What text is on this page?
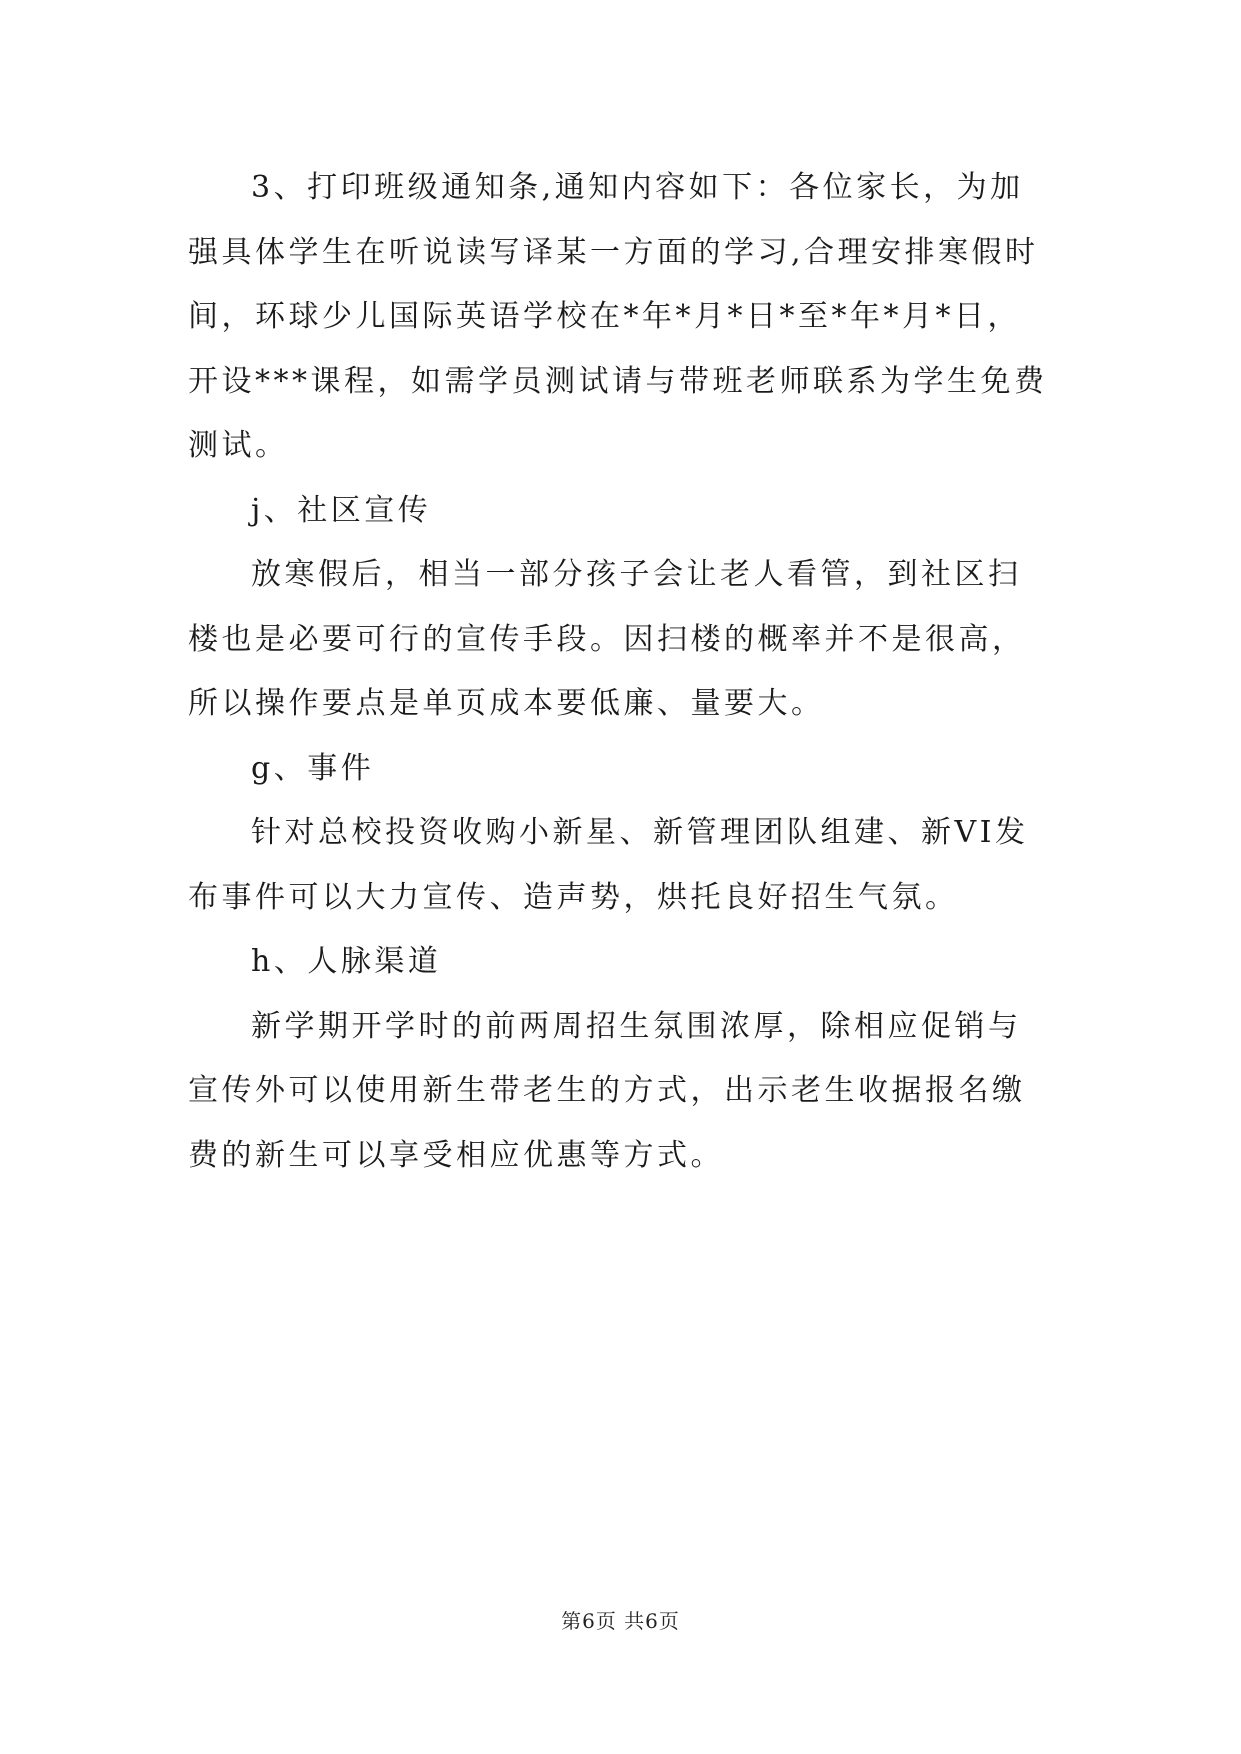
3、打印班级通知条,通知内容如下：各位家长，为加强具体学生在听说读写译某一方面的学习,合理安排寒假时间，环球少儿国际英语学校在*年*月*日*至*年*月*日，开设***课程，如需学员测试请与带班老师联系为学生免费测试。

j、社区宣传

放寒假后，相当一部分孩子会让老人看管，到社区扫楼也是必要可行的宣传手段。因扫楼的概率并不是很高，所以操作要点是单页成本要低廉、量要大。

g、事件

针对总校投资收购小新星、新管理团队组建、新VI发布事件可以大力宣传、造声势，烘托良好招生气氛。

h、人脉渠道

新学期开学时的前两周招生氛围浓厚，除相应促销与宣传外可以使用新生带老生的方式，出示老生收据报名缴费的新生可以享受相应优惠等方式。

第6页 共6页
